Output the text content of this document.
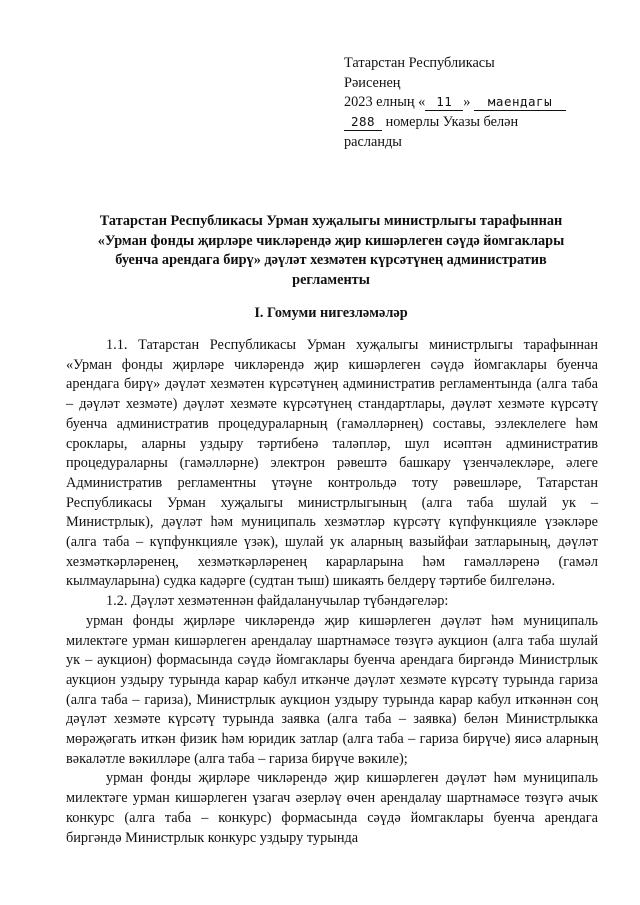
Татарстан Республикасы
Рәисенең
2023 елның « 11 » маендагы
288 номерлы Указы белән
расланды
Татарстан Республикасы Урман хуҗалыгы министрлыгы тарафыннан
«Урман фонды җирләре чикләрендә җир кишәрлеген сәүдә йомгаклары
буенча арендага бирү» дәүләт хезмәтен күрсәтүнең административ
регламенты
I. Гомуми нигезләмәләр

1.1. Татарстан Республикасы Урман хуҗалыгы министрлыгы тарафыннан «Урман фонды җирләре чикләрендә җир кишәрлеген сәүдә йомгаклары буенча арендага бирү» дәүләт хезмәтен күрсәтүнең административ регламентында (алга таба – дәүләт хезмәте) дәүләт хезмәте күрсәтүнең стандартлары, дәүләт хезмәте күрсәтү буенча административ процедураларның (гамәлләрнең) составы, эзлеклелеге һәм сроклары, аларны уздыру тәртибенә таләпләр, шул исәптән административ процедураларны (гамәлләрне) электрон рәвештә башкару үзенчәлекләре, әлеге Административ регламентны үтәүне контрольдә тоту рәвешләре, Татарстан Республикасы Урман хуҗалыгы министрлыгының (алга таба шулай ук – Министрлык), дәүләт һәм муниципаль хезмәтләр күрсәтү күпфункцияле үзәкләре (алга таба – күпфункцияле үзәк), шулай ук аларның вазыйфаи затларының, дәүләт хезмәткәрләренең, хезмәткәрләренең карарларына һәм гамәлләренә (гамәл кылмауларына) судка кадәрге (судтан тыш) шикаять белдерү тәртибе билгеләнә.

1.2. Дәүләт хезмәтеннән файдаланучылар түбәндәгеләр:

урман фонды җирләре чикләрендә җир кишәрлеген дәүләт һәм муниципаль милектәге урман кишәрлеген арендалау шартнамәсе төзүгә аукцион (алга таба шулай ук – аукцион) формасында сәүдә йомгаклары буенча арендага биргәндә Министрлык аукцион уздыру турында карар кабул иткәнче дәүләт хезмәте күрсәтү турында гариза (алга таба – гариза), Министрлык аукцион уздыру турында карар кабул иткәннән соң дәүләт хезмәте күрсәтү турында заявка (алга таба – заявка) белән Министрлыкка мөрәҗәгать иткән физик һәм юридик затлар (алга таба – гариза бирүче) яисә аларның вәкаләтле вәкилләре (алга таба – гариза бирүче вәкиле);

урман фонды җирләре чикләрендә җир кишәрлеген дәүләт һәм муниципаль милектәге урман кишәрлеген үзагач әзерләү өчен арендалау шартнамәсе төзүгә ачык конкурс (алга таба – конкурс) формасында сәүдә йомгаклары буенча арендага биргәндә Министрлык конкурс уздыру турында
